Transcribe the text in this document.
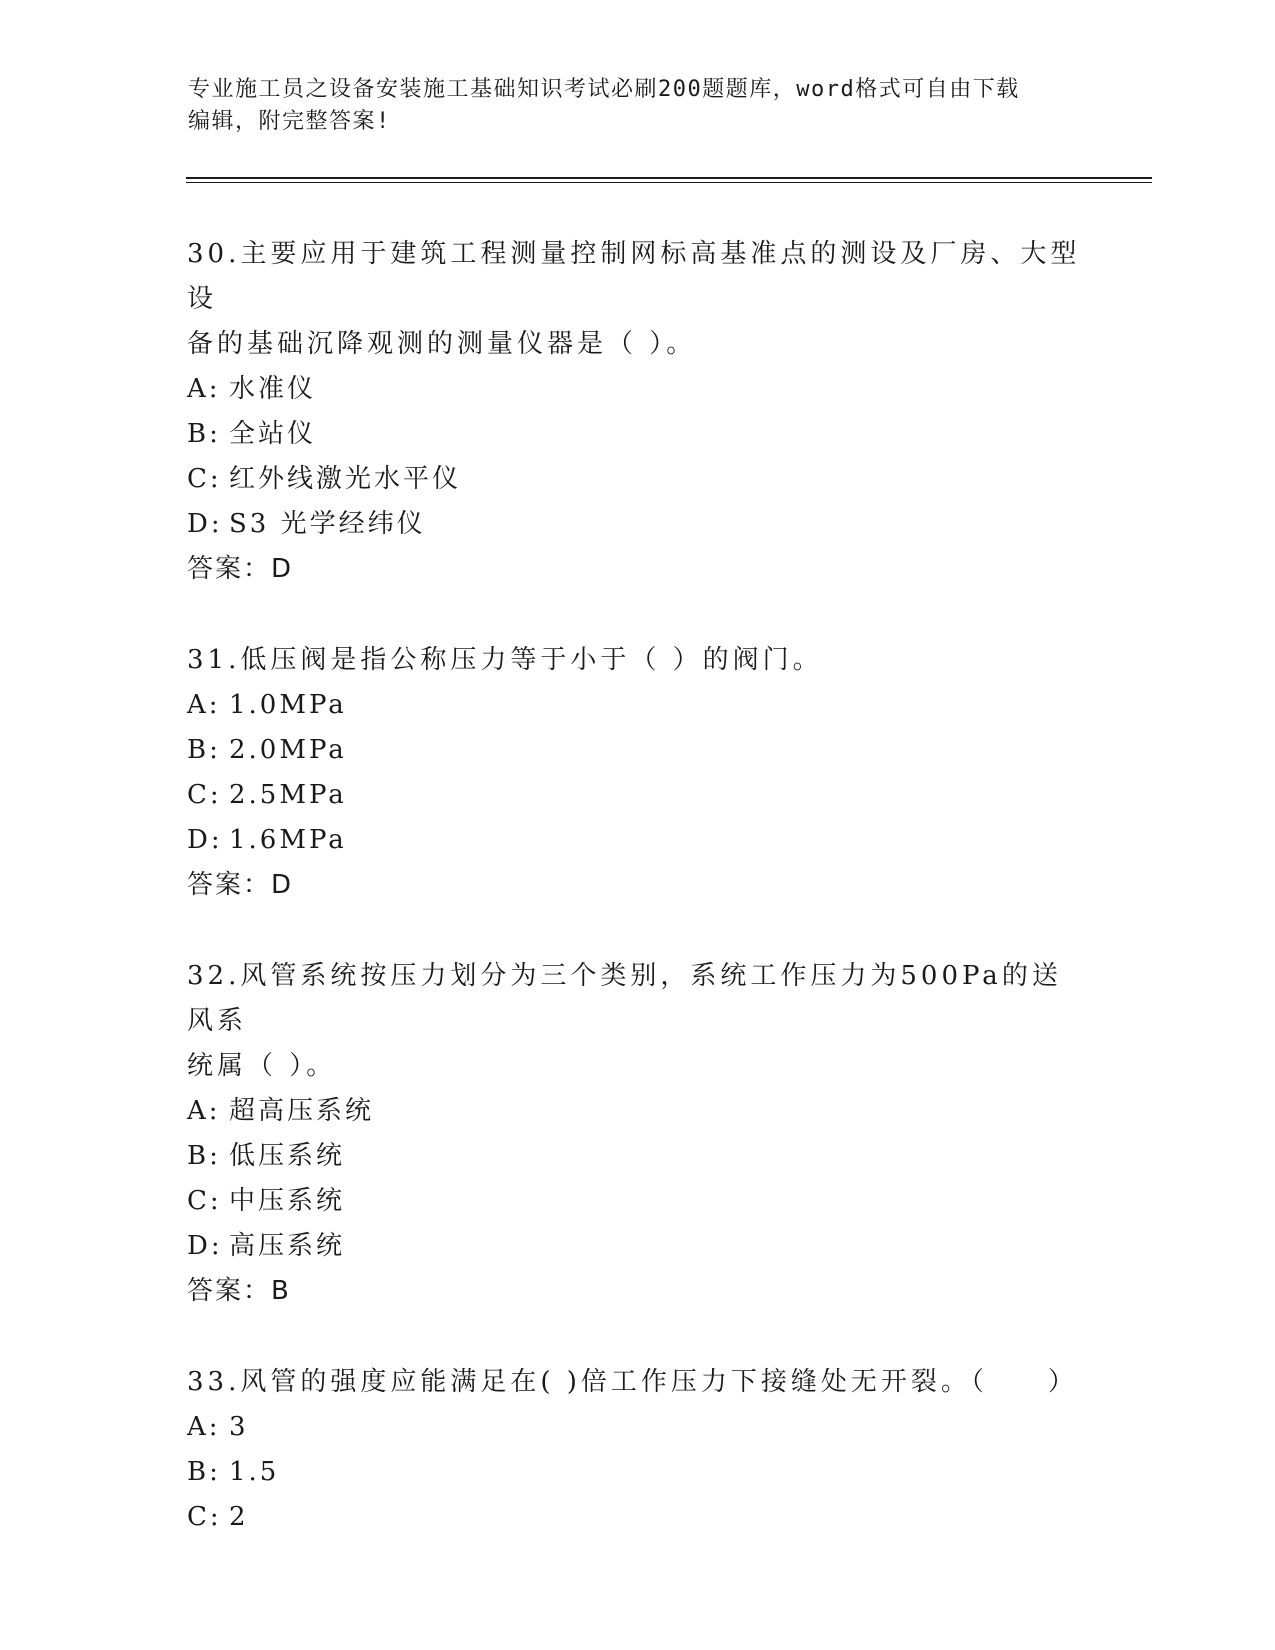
专业施工员之设备安装施工基础知识考试必刷200题题库，word格式可自由下载
编辑，附完整答案!
30.主要应用于建筑工程测量控制网标高基准点的测设及厂房、大型设
备的基础沉降观测的测量仪器是（ ）。
A: 水准仪
B: 全站仪
C: 红外线激光水平仪
D: S3 光学经纬仪
答案：D
31.低压阀是指公称压力等于小于（ ）的阀门。
A: 1.0MPa
B: 2.0MPa
C: 2.5MPa
D: 1.6MPa
答案：D
32.风管系统按压力划分为三个类别，系统工作压力为500Pa的送风系
统属（ ）。
A: 超高压系统
B: 低压系统
C: 中压系统
D: 高压系统
答案：B
33.风管的强度应能满足在( )倍工作压力下接缝处无开裂。（　　）
A: 3
B: 1.5
C: 2
